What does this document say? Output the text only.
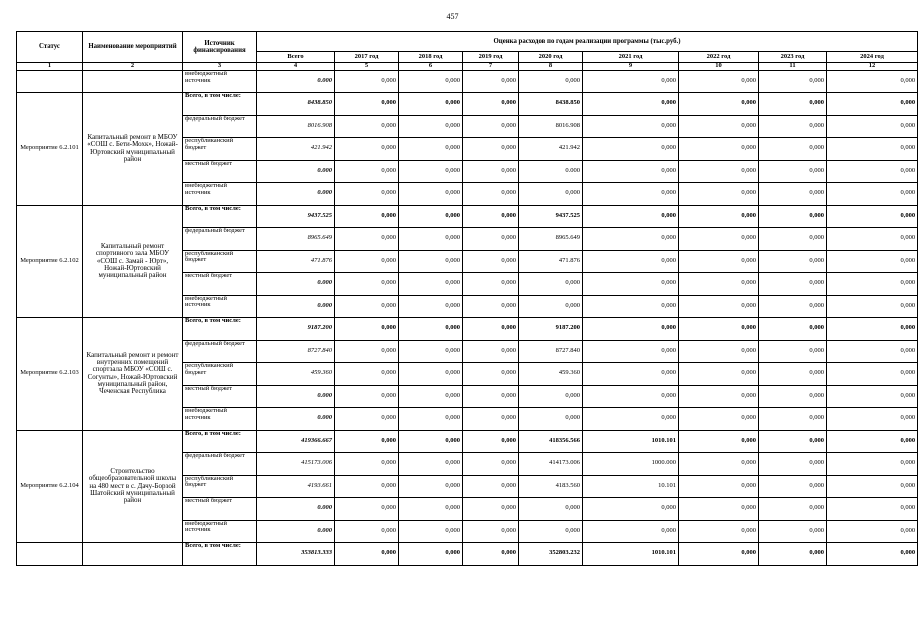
457
Статус	Наименование мероприятий	Источник финансирования	Оценка расходов по годам реализации программы (тыс.руб.)								
			Всего	2017 год	2018 год	2019 год	2020 год	2021 год	2022 год	2023 год	2024 год
1	2	3	4	5	6	7	8	9	10	11	12
		внебюджетный источник	0.000	0,000	0,000	0,000	0,000	0,000	0,000	0,000	0,000
Мероприятие 6.2.101	Капитальный ремонт в МБОУ «СОШ с. Бети-Мохк», Ножай-Юртовский муниципальный район	Всего, в том числе:	8438.850	0,000	0,000	0,000	8438.850	0,000	0,000	0,000	0,000
		федеральный бюджет	8016.908	0,000	0,000	0,000	8016.908	0,000	0,000	0,000	0,000
		республиканский бюджет	421.942	0,000	0,000	0,000	421.942	0,000	0,000	0,000	0,000
		местный бюджет	0.000	0,000	0,000	0,000	0.000	0,000	0,000	0,000	0,000
		внебюджетный источник	0.000	0,000	0,000	0,000	0,000	0,000	0,000	0,000	0,000
Мероприятие 6.2.102	Капитальный ремонт спортивного зала МБОУ «СОШ с. Замай - Юрт», Ножай-Юртовский муниципальный район	Всего, в том числе:	9437.525	0,000	0,000	0,000	9437.525	0,000	0,000	0,000	0,000
		федеральный бюджет	8965.649	0,000	0,000	0,000	8965.649	0,000	0,000	0,000	0,000
		республиканский бюджет	471.876	0,000	0,000	0,000	471.876	0,000	0,000	0,000	0,000
		местный бюджет	0.000	0,000	0,000	0,000	0,000	0,000	0,000	0,000	0,000
		внебюджетный источник	0.000	0,000	0,000	0,000	0,000	0,000	0,000	0,000	0,000
Мероприятие 6.2.103	Капитальный ремонт и ремонт внутренних помещений спортзала МБОУ «СОШ с. Согунты», Ножай-Юртовский муниципальный район, Чеченская Республика	Всего, в том числе:	9187.200	0,000	0,000	0,000	9187.200	0,000	0,000	0,000	0,000
		федеральный бюджет	8727.840	0,000	0,000	0,000	8727.840	0,000	0,000	0,000	0,000
		республиканский бюджет	459.360	0,000	0,000	0,000	459.360	0,000	0,000	0,000	0,000
		местный бюджет	0.000	0,000	0,000	0,000	0,000	0,000	0,000	0,000	0,000
		внебюджетный источник	0.000	0,000	0,000	0,000	0,000	0,000	0,000	0,000	0,000
Мероприятие 6.2.104	Строительство общеобразовательной школы на 480 мест в с. Дачу-Борзой Шатойский муниципальный район	Всего, в том числе:	419366.667	0,000	0,000	0,000	418356.566	1010.101	0,000	0,000	0,000
		федеральный бюджет	415173.006	0,000	0,000	0,000	414173.006	1000.000	0,000	0,000	0,000
		республиканский бюджет	4193.661	0,000	0,000	0,000	4183.560	10.101	0,000	0,000	0,000
		местный бюджет	0.000	0,000	0,000	0,000	0,000	0,000	0,000	0,000	0,000
		внебюджетный источник	0.000	0,000	0,000	0,000	0,000	0,000	0,000	0,000	0,000
		Всего, в том числе:	353813.333	0,000	0,000	0,000	352803.232	1010.101	0,000	0,000	0,000
